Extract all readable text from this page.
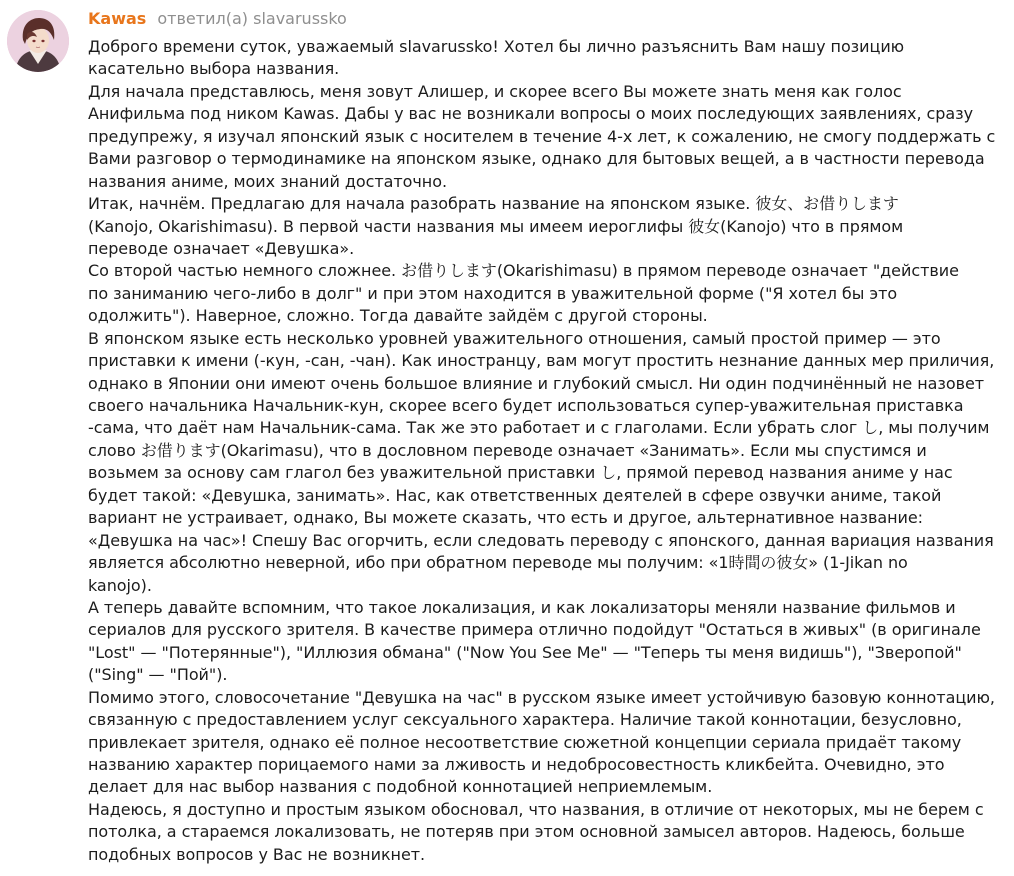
Kawas ответил(а) slavarussko
Доброго времени суток, уважаемый slavarussko! Хотел бы лично разъяснить Вам нашу позицию
касательно выбора названия.
Для начала представлюсь, меня зовут Алишер, и скорее всего Вы можете знать меня как голос
Анифильма под ником Kawas. Дабы у вас не возникали вопросы о моих последующих заявлениях, сразу
предупрежу, я изучал японский язык с носителем в течение 4-х лет, к сожалению, не смогу поддержать с
Вами разговор о термодинамике на японском языке, однако для бытовых вещей, а в частности перевода
названия аниме, моих знаний достаточно.
Итак, начнём. Предлагаю для начала разобрать название на японском языке. 彼女、お借りします
(Kanojo, Okarishimasu). В первой части названия мы имеем иероглифы 彼女(Kanojo) что в прямом
переводе означает «Девушка».
Со второй частью немного сложнее. お借りします(Okarishimasu) в прямом переводе означает "действие
по заниманию чего-либо в долг" и при этом находится в уважительной форме ("Я хотел бы это
одолжить"). Наверное, сложно. Тогда давайте зайдём с другой стороны.
В японском языке есть несколько уровней уважительного отношения, самый простой пример — это
приставки к имени (-кун, -сан, -чан). Как иностранцу, вам могут простить незнание данных мер приличия,
однако в Японии они имеют очень большое влияние и глубокий смысл. Ни один подчинённый не назовет
своего начальника Начальник-кун, скорее всего будет использоваться супер-уважительная приставка
-сама, что даёт нам Начальник-сама. Так же это работает и с глаголами. Если убрать слог し, мы получим
слово お借ります(Okarimasu), что в дословном переводе означает «Занимать». Если мы спустимся и
возьмем за основу сам глагол без уважительной приставки し, прямой перевод названия аниме у нас
будет такой: «Девушка, занимать». Нас, как ответственных деятелей в сфере озвучки аниме, такой
вариант не устраивает, однако, Вы можете сказать, что есть и другое, альтернативное название:
«Девушка на час»! Спешу Вас огорчить, если следовать переводу с японского, данная вариация названия
является абсолютно неверной, ибо при обратном переводе мы получим: «1時間の彼女» (1-Jikan no
kanojo).
А теперь давайте вспомним, что такое локализация, и как локализаторы меняли название фильмов и
сериалов для русского зрителя. В качестве примера отлично подойдут "Остаться в живых" (в оригинале
"Lost" — "Потерянные"), "Иллюзия обмана" ("Now You See Me" — "Теперь ты меня видишь"), "Зверопой"
("Sing" — "Пой").
Помимо этого, словосочетание "Девушка на час" в русском языке имеет устойчивую базовую коннотацию,
связанную с предоставлением услуг сексуального характера. Наличие такой коннотации, безусловно,
привлекает зрителя, однако её полное несоответствие сюжетной концепции сериала придаёт такому
названию характер порицаемого нами за лживость и недобросовестность кликбейта. Очевидно, это
делает для нас выбор названия с подобной коннотацией неприемлемым.
Надеюсь, я доступно и простым языком обосновал, что названия, в отличие от некоторых, мы не берем с
потолка, а стараемся локализовать, не потеряв при этом основной замысел авторов. Надеюсь, больше
подобных вопросов у Вас не возникнет.
